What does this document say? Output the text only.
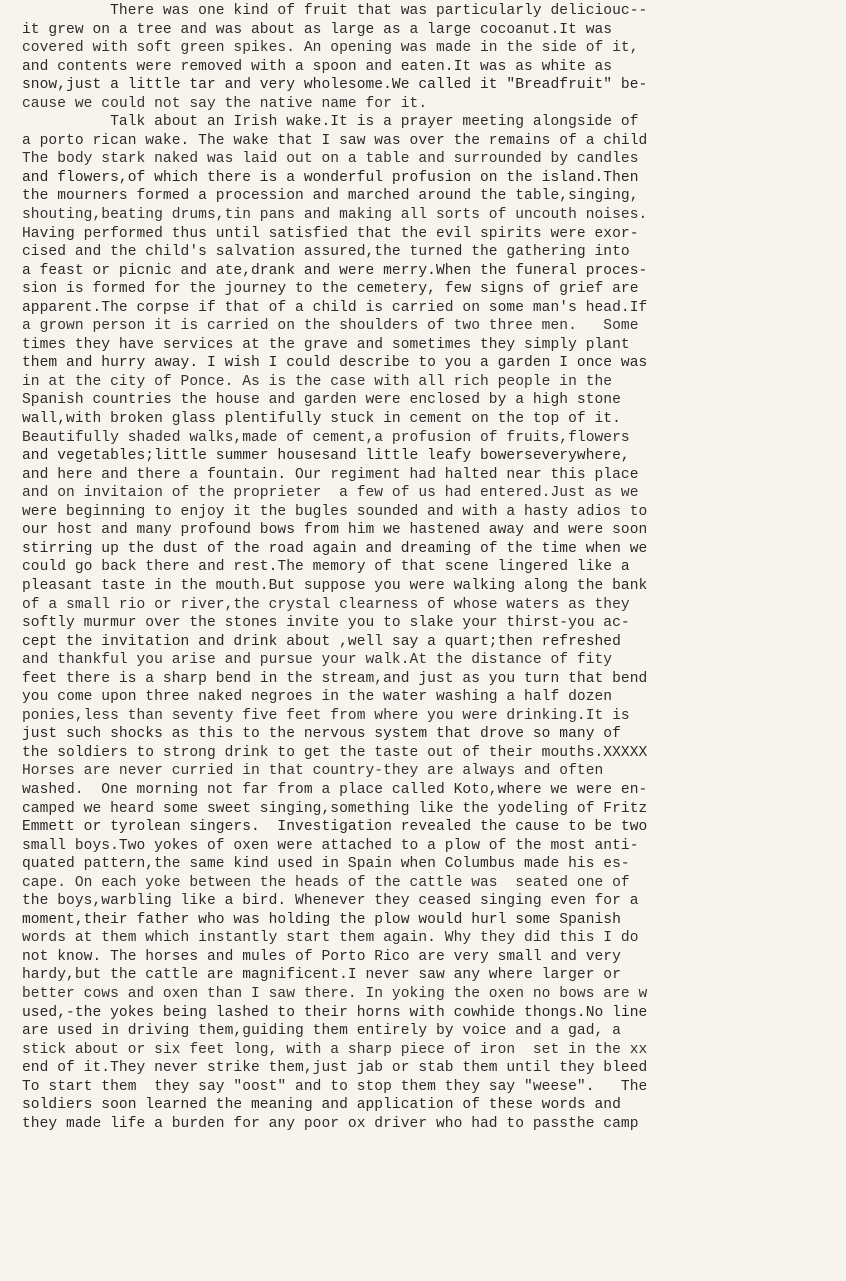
There was one kind of fruit that was particularly deliciouc--
it grew on a tree and was about as large as a large cocoanut.It was
covered with soft green spikes. An opening was made in the side of it,
and contents were removed with a spoon and eaten.It was as white as
snow,just a little tar and very wholesome.We called it "Breadfruit" be-
cause we could not say the native name for it.
Talk about an Irish wake.It is a prayer meeting alongside of
a porto rican wake. The wake that I saw was over the remains of a child
The body stark naked was laid out on a table and surrounded by candles
and flowers,of which there is a wonderful profusion on the island.Then
the mourners formed a procession and marched around the table,singing,
shouting,beating drums,tin pans and making all sorts of uncouth noises.
Having performed thus until satisfied that the evil spirits were exor-
cised and the child's salvation assured,the turned the gathering into
a feast or picnic and ate,drank and were merry.When the funeral proces-
sion is formed for the journey to the cemetery, few signs of grief are
apparent.The corpse if that of a child is carried on some man's head.If
a grown person it is carried on the shoulders of two three men.   Some
times they have services at the grave and sometimes they simply plant
them and hurry away. I wish I could describe to you a garden I once was
in at the city of Ponce. As is the case with all rich people in the
Spanish countries the house and garden were enclosed by a high stone
wall,with broken glass plentifully stuck in cement on the top of it.
Beautifully shaded walks,made of cement,a profusion of fruits,flowers
and vegetables;little summer housesand little leafy bowerseverywhere,
and here and there a fountain. Our regiment had halted near this place
and on invitaion of the proprieter  a few of us had entered.Just as we
were beginning to enjoy it the bugles sounded and with a hasty adios to
our host and many profound bows from him we hastened away and were soon
stirring up the dust of the road again and dreaming of the time when we
could go back there and rest.The memory of that scene lingered like a
pleasant taste in the mouth.But suppose you were walking along the bank
of a small rio or river,the crystal clearness of whose waters as they
softly murmur over the stones invite you to slake your thirst-you ac-
cept the invitation and drink about ,well say a quart;then refreshed
and thankful you arise and pursue your walk.At the distance of fity
feet there is a sharp bend in the stream,and just as you turn that bend
you come upon three naked negroes in the water washing a half dozen
ponies,less than seventy five feet from where you were drinking.It is
just such shocks as this to the nervous system that drove so many of
the soldiers to strong drink to get the taste out of their mouths.XXXXX
Horses are never curried in that country-they are always and often
washed.  One morning not far from a place called Koto,where we were en-
camped we heard some sweet singing,something like the yodeling of Fritz
Emmett or tyrolean singers.  Investigation revealed the cause to be two
small boys.Two yokes of oxen were attached to a plow of the most anti-
quated pattern,the same kind used in Spain when Columbus made his es-
cape. On each yoke between the heads of the cattle was  seated one of
the boys,warbling like a bird. Whenever they ceased singing even for a
moment,their father who was holding the plow would hurl some Spanish
words at them which instantly start them again. Why they did this I do
not know. The horses and mules of Porto Rico are very small and very
hardy,but the cattle are magnificent.I never saw any where larger or
better cows and oxen than I saw there. In yoking the oxen no bows are w
used,-the yokes being lashed to their horns with cowhide thongs.No line
are used in driving them,guiding them entirely by voice and a gad, a
stick about or six feet long, with a sharp piece of iron  set in the xx
end of it.They never strike them,just jab or stab them until they bleed
To start them  they say "oost" and to stop them they say "weese".   The
soldiers soon learned the meaning and application of these words and
they made life a burden for any poor ox driver who had to passthe camp
